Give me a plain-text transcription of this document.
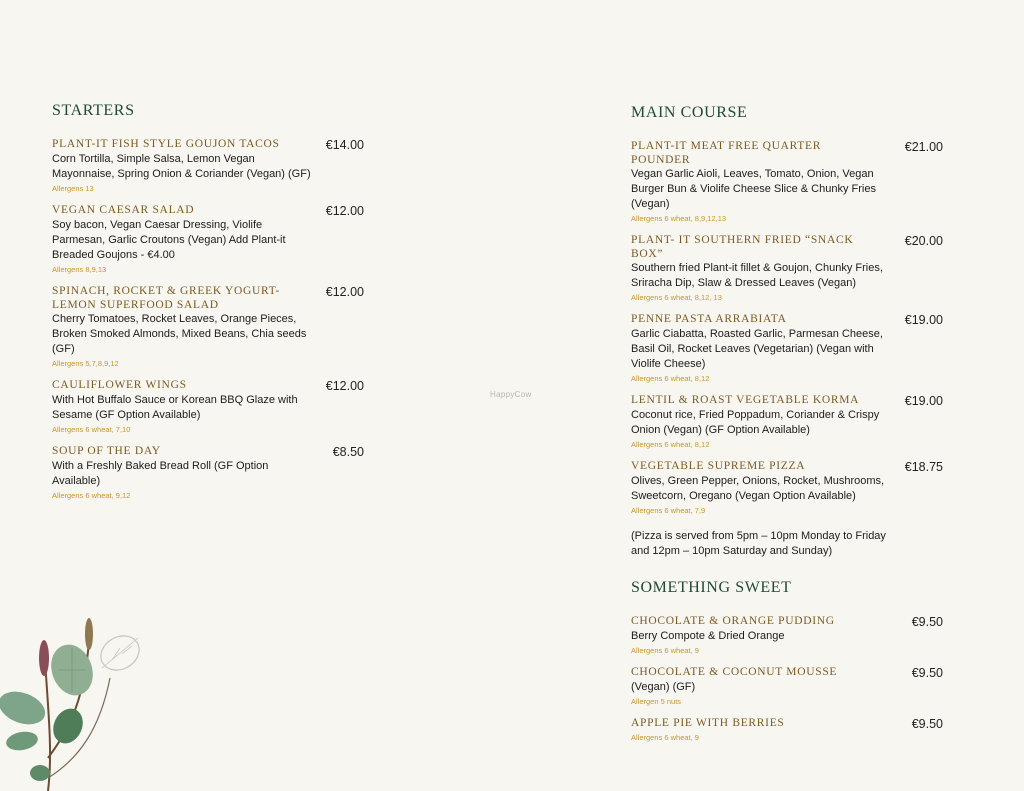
STARTERS
PLANT-IT FISH STYLE GOUJON TACOS	€14.00
Corn Tortilla, Simple Salsa, Lemon Vegan Mayonnaise, Spring Onion & Coriander (Vegan) (GF)
Allergens 13
VEGAN CAESAR SALAD	€12.00
Soy bacon, Vegan Caesar Dressing, Violife Parmesan, Garlic Croutons (Vegan) Add Plant-it Breaded Goujons - €4.00
Allergens 8,9,13
SPINACH, ROCKET & GREEK YOGURT- LEMON SUPERFOOD SALAD
€12.00
Cherry Tomatoes, Rocket Leaves, Orange Pieces, Broken Smoked Almonds, Mixed Beans, Chia seeds (GF)
Allergens 5,7,8,9,12
CAULIFLOWER WINGS	€12.00
With Hot Buffalo Sauce or Korean BBQ Glaze with Sesame (GF Option Available)
Allergens 6 wheat, 7,10
SOUP OF THE DAY	€8.50
With a Freshly Baked Bread Roll (GF Option Available)
Allergens 6 wheat, 9,12
MAIN COURSE
PLANT-IT MEAT FREE QUARTER POUNDER
€21.00
Vegan Garlic Aioli, Leaves, Tomato, Onion, Vegan Burger Bun & Violife Cheese Slice & Chunky Fries (Vegan)
Allergens 6 wheat, 8,9,12,13
PLANT- IT SOUTHERN FRIED “SNACK BOX”
€20.00
Southern fried Plant-it fillet & Goujon, Chunky Fries, Sriracha Dip, Slaw & Dressed Leaves (Vegan)
Allergens 6 wheat, 8,12, 13
PENNE PASTA ARRABIATA	€19.00
Garlic Ciabatta, Roasted Garlic, Parmesan Cheese, Basil Oil, Rocket Leaves (Vegetarian) (Vegan with Violife Cheese)
Allergens 6 wheat, 8,12
LENTIL & ROAST VEGETABLE KORMA	€19.00
Coconut rice, Fried Poppadum, Coriander & Crispy Onion (Vegan) (GF Option Available)
Allergens 6 wheat, 8,12
VEGETABLE SUPREME PIZZA	€18.75
Olives, Green Pepper, Onions, Rocket, Mushrooms, Sweetcorn, Oregano (Vegan Option Available)
Allergens 6 wheat, 7,9
(Pizza is served from 5pm – 10pm Monday to Friday and 12pm – 10pm Saturday and Sunday)
SOMETHING SWEET
CHOCOLATE & ORANGE PUDDING	€9.50
Berry Compote & Dried Orange
Allergens 6 wheat, 9
CHOCOLATE & COCONUT MOUSSE	€9.50
(Vegan) (GF)
Allergen 5 nuts
APPLE PIE WITH BERRIES	€9.50
Allergens 6 wheat, 9
HappyCow
